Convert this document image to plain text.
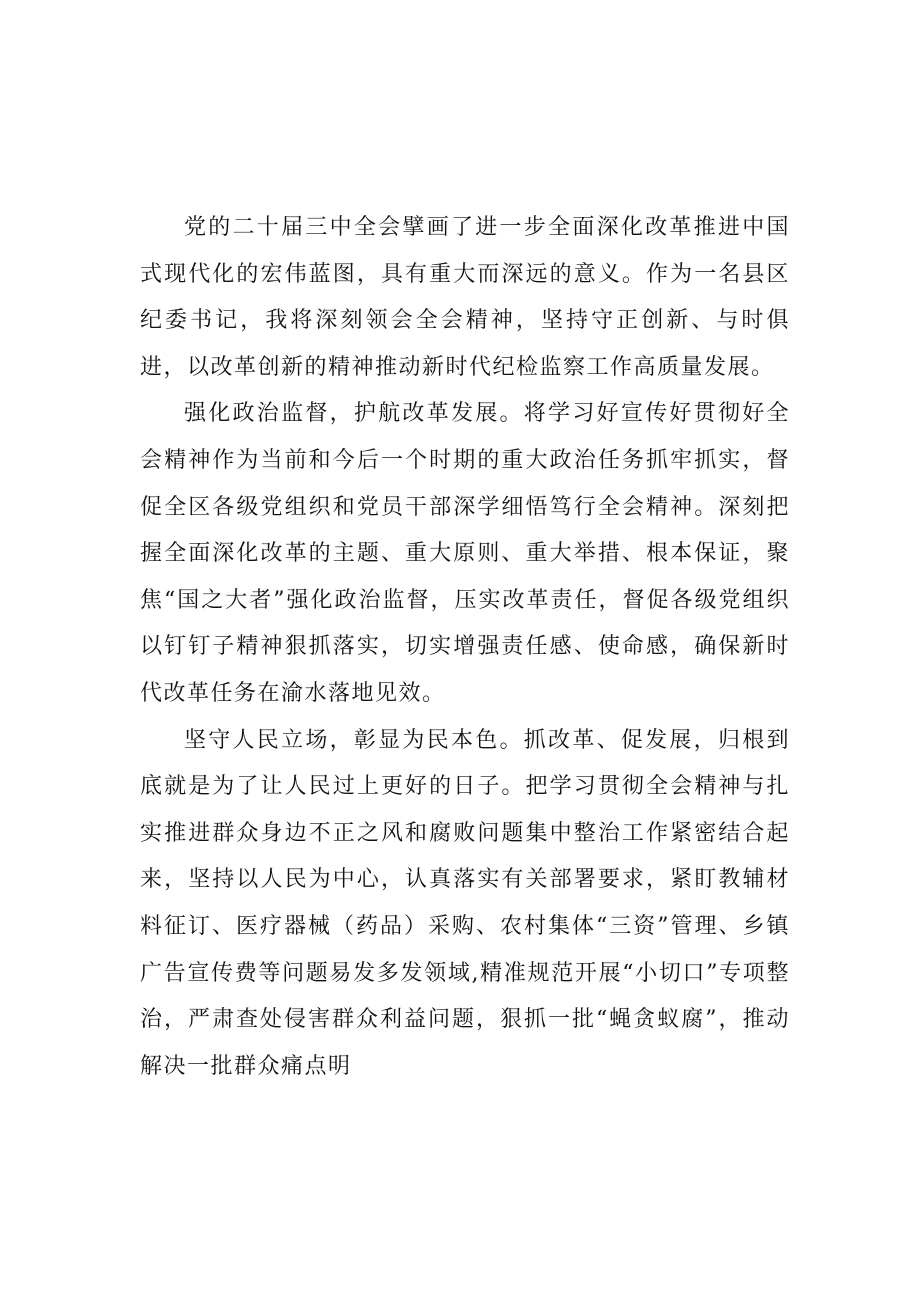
党的二十届三中全会擘画了进一步全面深化改革推进中国式现代化的宏伟蓝图，具有重大而深远的意义。作为一名县区纪委书记，我将深刻领会全会精神，坚持守正创新、与时俱进，以改革创新的精神推动新时代纪检监察工作高质量发展。

强化政治监督，护航改革发展。将学习好宣传好贯彻好全会精神作为当前和今后一个时期的重大政治任务抓牢抓实，督促全区各级党组织和党员干部深学细悟笃行全会精神。深刻把握全面深化改革的主题、重大原则、重大举措、根本保证，聚焦“国之大者”强化政治监督，压实改革责任，督促各级党组织以钉钉子精神狠抓落实，切实增强责任感、使命感，确保新时代改革任务在渝水落地见效。

坚守人民立场，彰显为民本色。抓改革、促发展，归根到底就是为了让人民过上更好的日子。把学习贯彻全会精神与扎实推进群众身边不正之风和腐败问题集中整治工作紧密结合起来，坚持以人民为中心，认真落实有关部署要求，紧盯教辅材料征订、医疗器械（药品）采购、农村集体“三资”管理、乡镇广告宣传费等问题易发多发领域,精准规范开展“小切口”专项整治，严肃查处侵害群众利益问题，狠抓一批“蝇贪蚁腐”，推动解决一批群众痛点明
